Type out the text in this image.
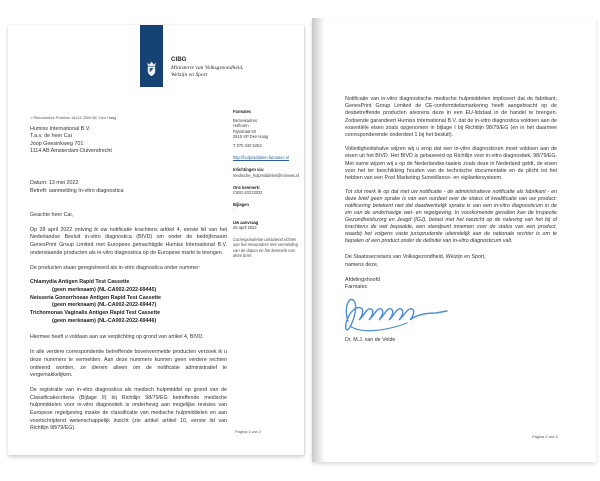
CIBG
Ministerie van Volksgezondheid,
Welzijn en Sport
> Retouradres Postbus 16114 2500 BC Den Haag
Humiss International B.V.
T.a.v. de heer Cai
Joop Geesinkweg 701
1114 AB Amsterdam-Duivendrecht
Datum: 13 mei 2022
Betreft: aanmelding In-vitro diagnostica

Geachte heer Cai,

Op 28 april 2022 ontving ik uw notificatie krachtens artikel 4, eerste lid van het Nederlandse Besluit in-vitro diagnostica (BIVD) om onder de bedrijfsnaam GenesPrint Group Limited met Europees gemachtigde Humiss International B.V. onderstaande producten als in-vitro diagnostica op de Europese markt te brengen.

De producten staan geregistreerd als in-vitro diagnostica onder nummer:

Chlamydia Antigen Rapid Test Cassette
(geen merknaam) (NL-CA002-2022-69445)
Neisseria Gonorrhoeae Antigen Rapid Test Cassette
(geen merknaam) (NL-CA002-2022-69447)
Trichomonas Vaginalis Antigen Rapid Test Cassette
(geen merknaam) (NL-CA002-2022-69446)

Hiermee heeft u voldaan aan uw verplichting op grond van artikel 4, BIVD.

In alle verdere correspondentie betreffende bovenvermelde producten verzoek ik u deze nummers te vermelden. Aan deze nummers kunnen geen verdere rechten ontleend worden, ze dienen alleen om de notificatie administratief te vergemakkelijken.

De registratie van in-vitro diagnostica als medisch hulpmiddel op grond van de Classificatiecriteria (Bijlage II) bij Richtlijn 98/79/EG betreffende medische hulpmiddelen voor in-vitro diagnostiek is onderhevig aan mogelijke revisies van Europese regelgeving inzake de classificatie van medische hulpmiddelen en aan voortschrijdend wetenschappelijk inzicht (zie artikel artikel 10, eerste lid van Richtlijn 98/79/EG).

Farmatec
Bezoekadres:
Hoftoren
Rijnstraat 50
2515 XP Den Haag
T 070 340 5263
http://hulpmiddelen.farmatec.nl
Inlichtingen via:
medische_hulpmiddelen@minvws.nl
Ons kenmerk:
CIBG-20223022
Bijlagen
-
Uw aanvraag
28 april 2022
Correspondentie uitsluitend richten aan het retouradres met vermelding van de datum en het kenmerk van deze brief.
Pagina 1 van 2

Notificatie van in-vitro diagnostische medische hulpmiddelen impliceert dat de fabrikant, GenesPrint Group Limited de CE-conformiteitsmarkering heeft aangebracht op de desbetreffende producten alvorens deze in een EU-lidstaat in de handel te brengen. Zodoende garandeert Humiss International B.V. dat de in-vitro diagnostica voldoen aan de essentiële eisen zoals opgenomen in bijlage I bij Richtlijn 98/79/EG (en in het daarmee corresponderende onderdeel 1 bij het besluit).

Volledigheidshalve wijzen wij u erop dat een in-vitro diagnosticum moet voldoen aan de eisen uit het BIVD. Het BIVD is gebaseerd op Richtlijn voor in-vitro diagnostiek, 98/79/EG. Met name wijzen wij u op de Nederlandse-taaleis zoals deze in Nederland geldt, de eisen voor het ter beschikking houden van de technische documentatie en de plicht tot het hebben van een Post Marketing Surveillance- en vigilantiesysteem.

Tot slot merk ik op dat met uw notificatie - de administratieve notificatie als fabrikant - en deze brief geen sprake is van een oordeel over de status of kwalificatie van uw product: notificering betekent niet dat daadwerkelijk sprake is van een in-vitro diagnosticum in de zin van de onderhavige wet- en regelgeving. In voorkomende gevallen kan de Inspectie Gezondheidszorg en Jeugd (IGJ), belast met het toezicht op de naleving van het bij of krachtens de wet bepaalde, een standpunt innemen over de status van een product, waarbij het volgens vaste jurisprudentie uiteindelijk aan de nationale rechter is om te bepalen of een product onder de definitie van in-vitro diagnosticum valt.

De Staatssecretaris van Volksgezondheid, Welzijn en Sport,
namens deze,

Afdelingshoofd
Farmatec

Dr. M.J. van de Velde
Pagina 2 van 2
